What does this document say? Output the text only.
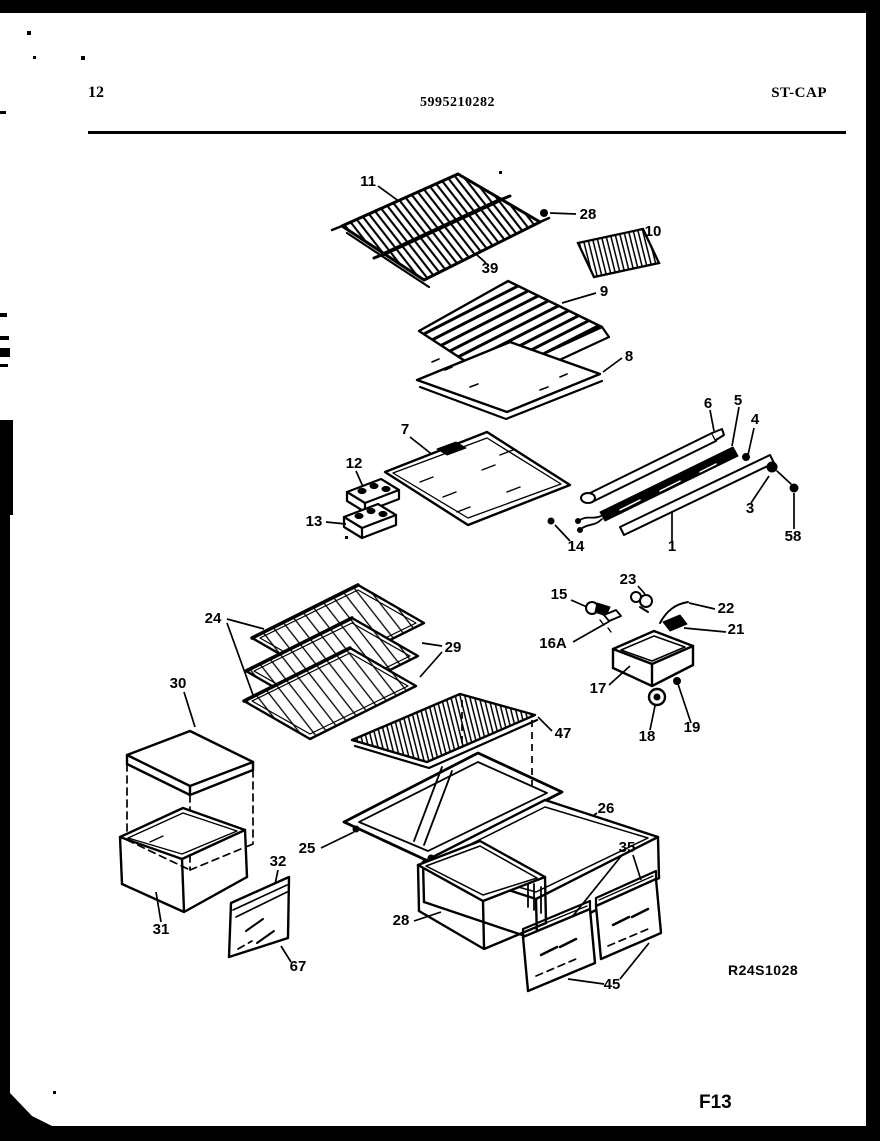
12
5995210282
ST-CAP
11
28
10
39
9
8
7
6 5
4
3
58
1
12
13
14
24
29
30
15
23
22
21
16A
17
18
19
47
25
26
32
28
31
67
35
45
R24S1028
F13
